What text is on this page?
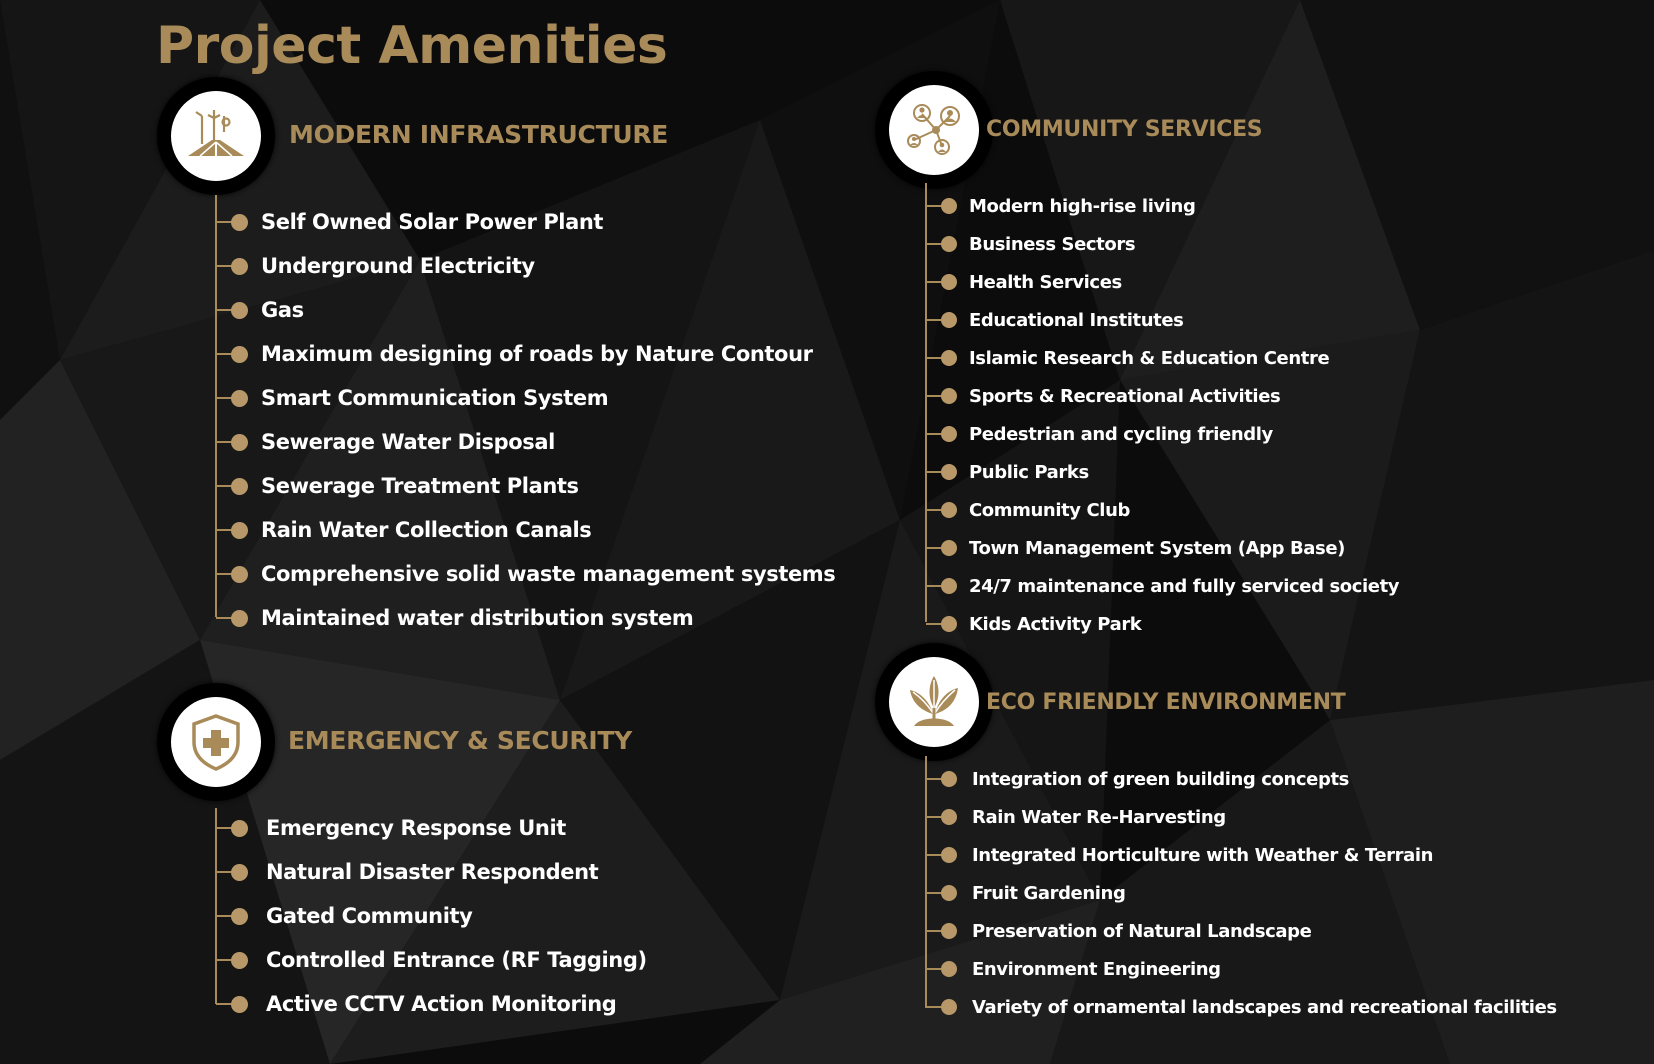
Project Amenities
MODERN INFRASTRUCTURE
Self Owned Solar Power Plant
Underground Electricity
Gas
Maximum designing of roads by Nature Contour
Smart Communication System
Sewerage Water Disposal
Sewerage Treatment Plants
Rain Water Collection Canals
Comprehensive solid waste management systems
Maintained water distribution system
EMERGENCY & SECURITY
Emergency Response Unit
Natural Disaster Respondent
Gated Community
Controlled Entrance (RF Tagging)
Active CCTV Action Monitoring
COMMUNITY SERVICES
Modern high-rise living
Business Sectors
Health Services
Educational Institutes
Islamic Research & Education Centre
Sports & Recreational Activities
Pedestrian and cycling friendly
Public Parks
Community Club
Town Management System (App Base)
24/7 maintenance and fully serviced society
Kids Activity Park
ECO FRIENDLY ENVIRONMENT
Integration of green building concepts
Rain Water Re-Harvesting
Integrated Horticulture with Weather & Terrain
Fruit Gardening
Preservation of Natural Landscape
Environment Engineering
Variety of ornamental landscapes and recreational facilities
